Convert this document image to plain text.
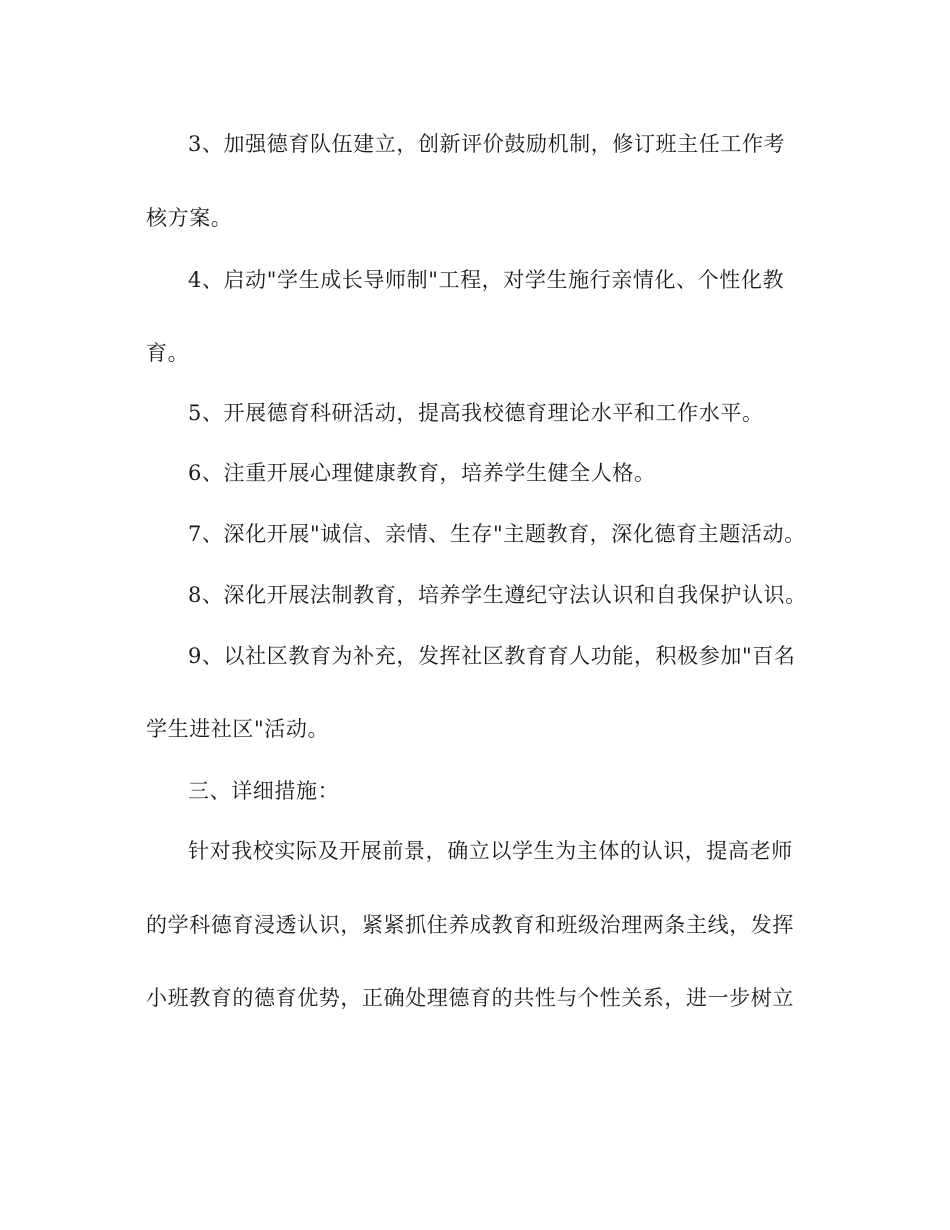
3、加强德育队伍建立，创新评价鼓励机制，修订班主任工作考
核方案。
4、启动"学生成长导师制"工程，对学生施行亲情化、个性化教
育。
5、开展德育科研活动，提高我校德育理论水平和工作水平。
6、注重开展心理健康教育，培养学生健全人格。
7、深化开展"诚信、亲情、生存"主题教育，深化德育主题活动。
8、深化开展法制教育，培养学生遵纪守法认识和自我保护认识。
9、以社区教育为补充，发挥社区教育育人功能，积极参加"百名
学生进社区"活动。
三、详细措施：
针对我校实际及开展前景，确立以学生为主体的认识，提高老师
的学科德育浸透认识，紧紧抓住养成教育和班级治理两条主线，发挥
小班教育的德育优势，正确处理德育的共性与个性关系，进一步树立
